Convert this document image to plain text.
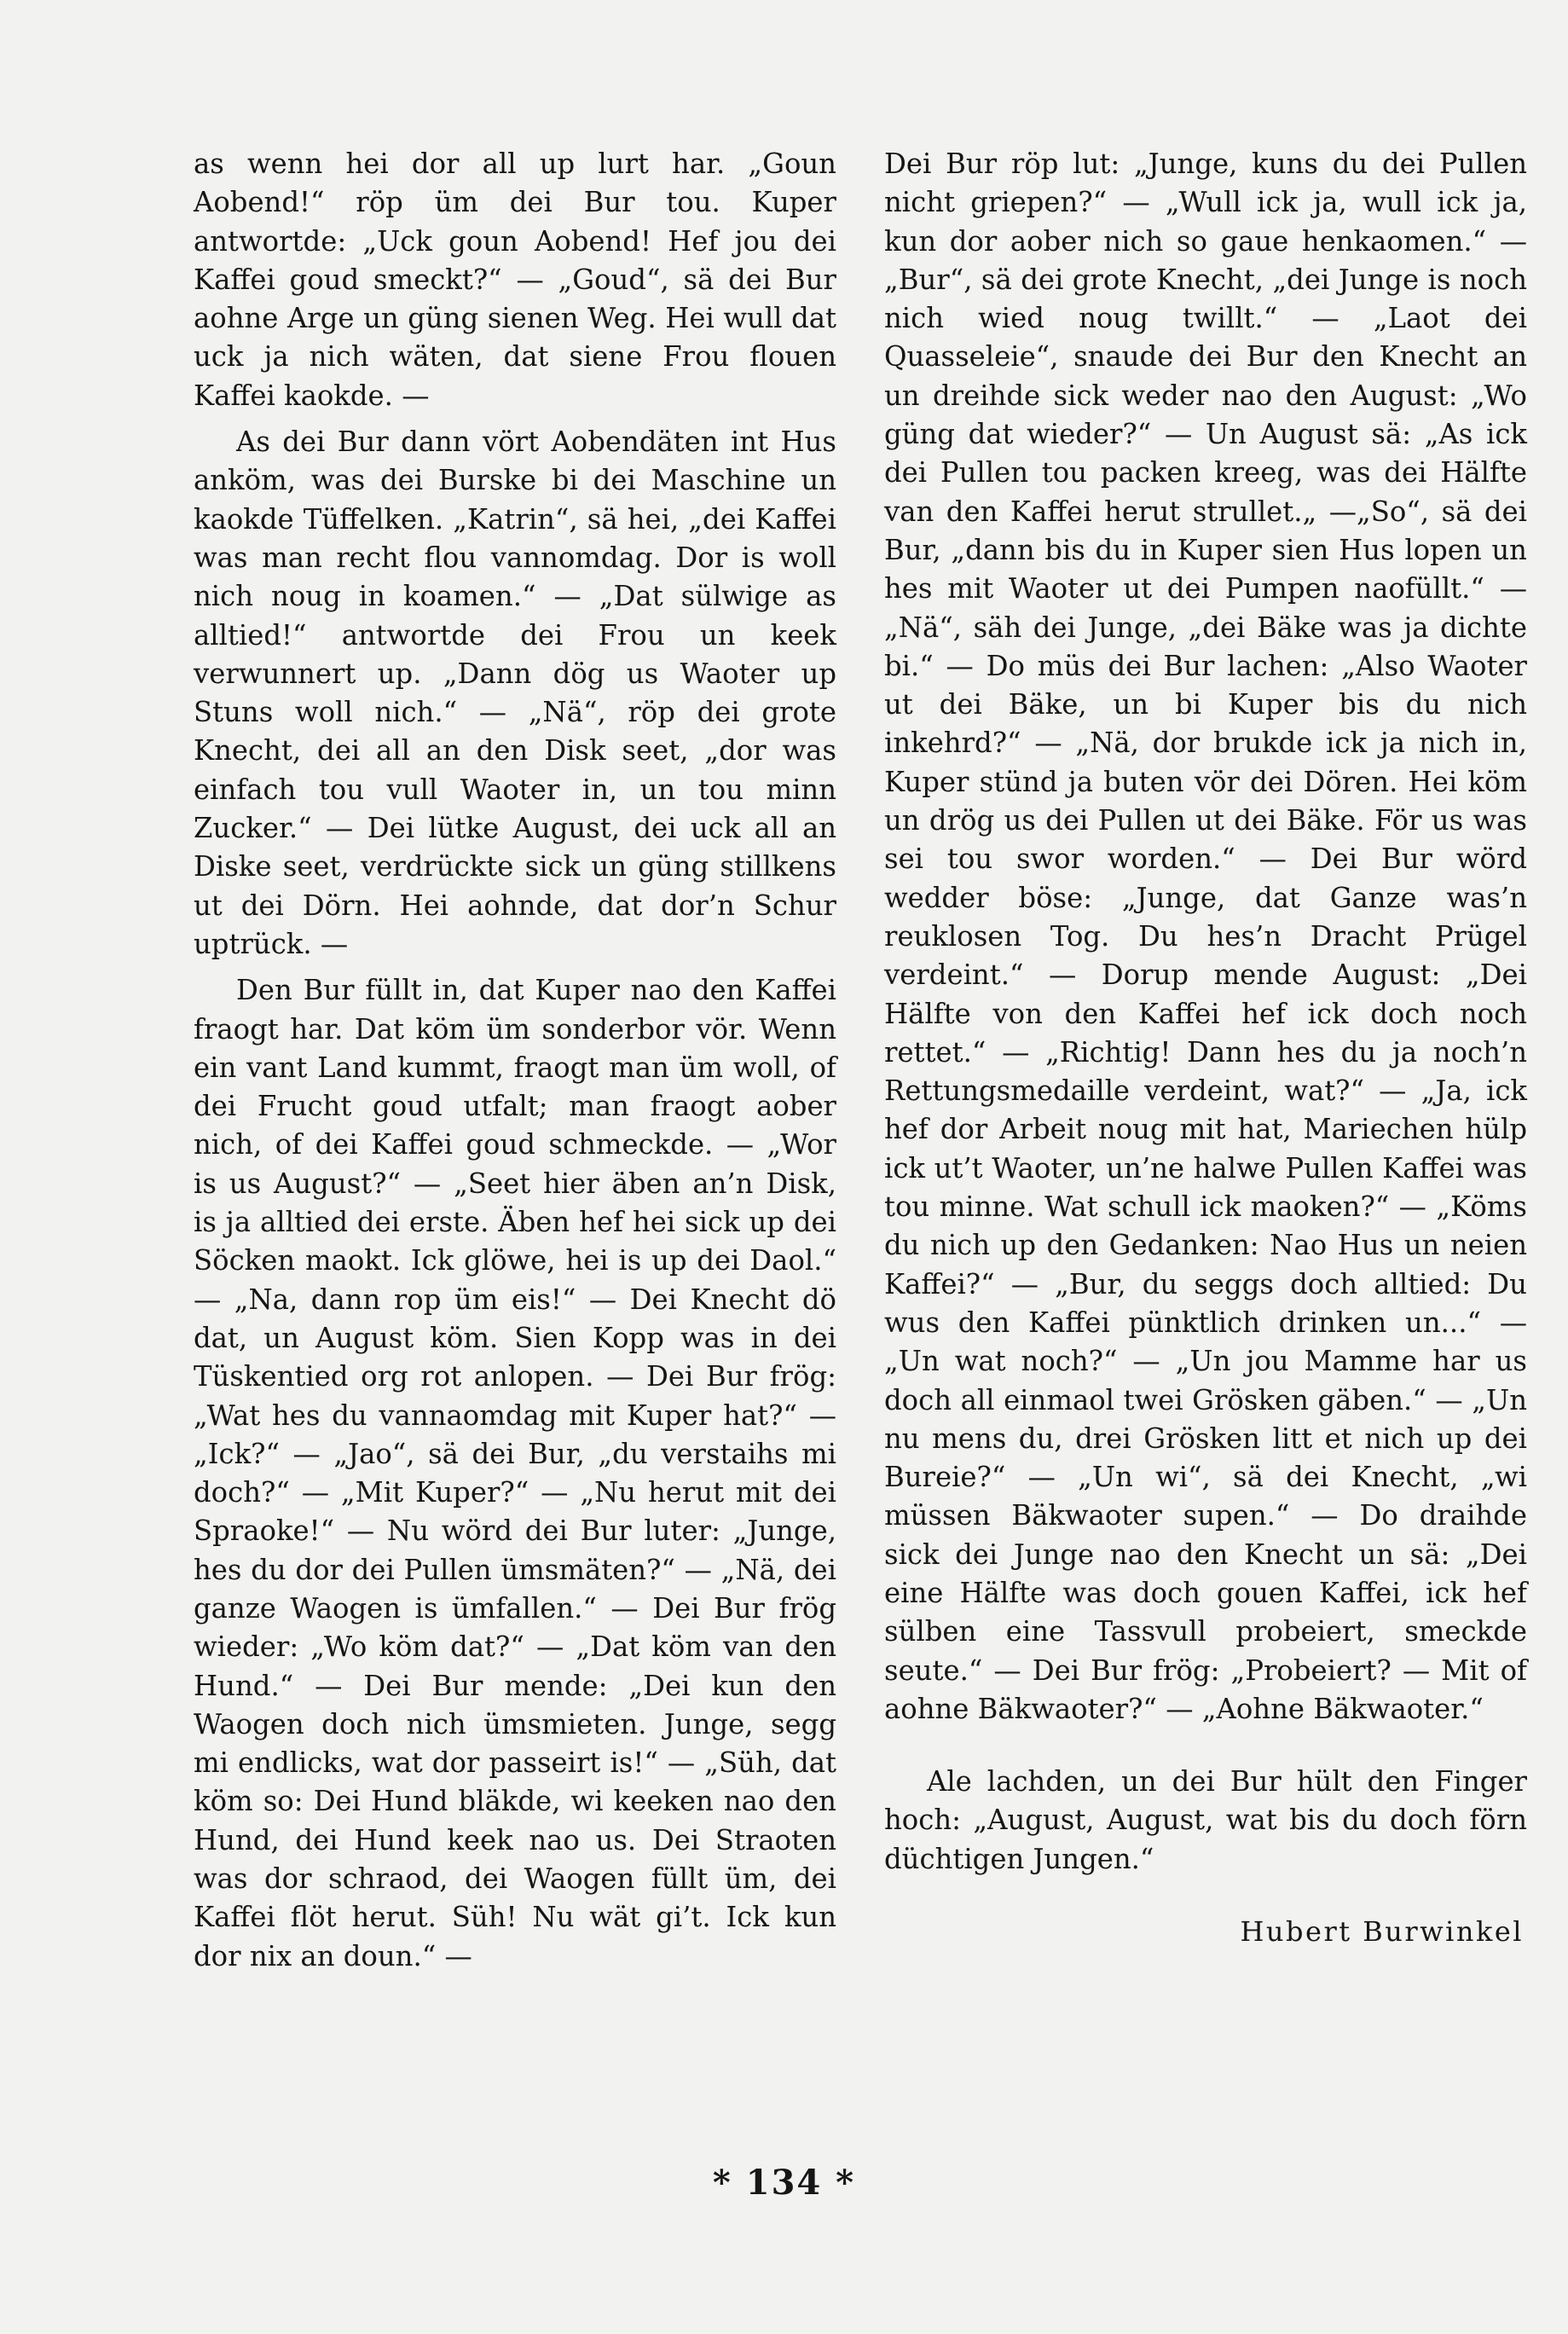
as wenn hei dor all up lurt har. „Goun Aobend!“ röp üm dei Bur tou. Kuper antwortde: „Uck goun Aobend! Hef jou dei Kaffei goud smeckt?“ — „Goud“, sä dei Bur aohne Arge un güng sienen Weg. Hei wull dat uck ja nich wäten, dat siene Frou flouen Kaffei kaokde. —

As dei Bur dann vört Aobendäten int Hus anköm, was dei Burske bi dei Maschine un kaokde Tüffelken. „Katrin“, sä hei, „dei Kaffei was man recht flou vannomdag. Dor is woll nich noug in koamen.“ — „Dat sülwige as alltied!“ antwortde dei Frou un keek verwunnert up. „Dann dög us Waoter up Stuns woll nich.“ — „Nä“, röp dei grote Knecht, dei all an den Disk seet, „dor was einfach tou vull Waoter in, un tou minn Zucker.“ — Dei lütke August, dei uck all an Diske seet, verdrückte sick un güng stillkens ut dei Dörn. Hei aohnde, dat dor’n Schur uptrück. —

Den Bur füllt in, dat Kuper nao den Kaffei fraogt har. Dat köm üm sonderbor vör. Wenn ein vant Land kummt, fraogt man üm woll, of dei Frucht goud utfalt; man fraogt aober nich, of dei Kaffei goud schmeckde. — „Wor is us August?“ — „Seet hier äben an’n Disk, is ja alltied dei erste. Äben hef hei sick up dei Söcken maokt. Ick glöwe, hei is up dei Daol.“ — „Na, dann rop üm eis!“ — Dei Knecht dö dat, un August köm. Sien Kopp was in dei Tüskentied org rot anlopen. — Dei Bur frög: „Wat hes du vannaomdag mit Kuper hat?“ — „Ick?“ — „Jao“, sä dei Bur, „du verstaihs mi doch?“ — „Mit Kuper?“ — „Nu herut mit dei Spraoke!“ — Nu wörd dei Bur luter: „Junge, hes du dor dei Pullen ümsmäten?“ — „Nä, dei ganze Waogen is ümfallen.“ — Dei Bur frög wieder: „Wo köm dat?“ — „Dat köm van den Hund.“ — Dei Bur mende: „Dei kun den Waogen doch nich ümsmieten. Junge, segg mi endlicks, wat dor passeirt is!“ — „Süh, dat köm so: Dei Hund bläkde, wi keeken nao den Hund, dei Hund keek nao us. Dei Straoten was dor schraod, dei Waogen füllt üm, dei Kaffei flöt herut. Süh! Nu wät gi’t. Ick kun dor nix an doun.“ —

Dei Bur röp lut: „Junge, kuns du dei Pullen nicht griepen?“ — „Wull ick ja, wull ick ja, kun dor aober nich so gaue henkaomen.“ — „Bur“, sä dei grote Knecht, „dei Junge is noch nich wied noug twillt.“ — „Laot dei Quasseleie“, snaude dei Bur den Knecht an un dreihde sick weder nao den August: „Wo güng dat wieder?“ — Un August sä: „As ick dei Pullen tou packen kreeg, was dei Hälfte van den Kaffei herut strullet.„ —„So“, sä dei Bur, „dann bis du in Kuper sien Hus lopen un hes mit Waoter ut dei Pumpen naofüllt.“ — „Nä“, säh dei Junge, „dei Bäke was ja dichte bi.“ — Do müs dei Bur lachen: „Also Waoter ut dei Bäke, un bi Kuper bis du nich inkehrd?“ — „Nä, dor brukde ick ja nich in, Kuper stünd ja buten vör dei Dören. Hei köm un drög us dei Pullen ut dei Bäke. För us was sei tou swor worden.“ — Dei Bur wörd wedder böse: „Junge, dat Ganze was’n reuklosen Tog. Du hes’n Dracht Prügel verdeint.“ — Dorup mende August: „Dei Hälfte von den Kaffei hef ick doch noch rettet.“ — „Richtig! Dann hes du ja noch’n Rettungsmedaille verdeint, wat?“ — „Ja, ick hef dor Arbeit noug mit hat, Mariechen hülp ick ut’t Waoter, un’ne halwe Pullen Kaffei was tou minne. Wat schull ick maoken?“ — „Köms du nich up den Gedanken: Nao Hus un neien Kaffei?“ — „Bur, du seggs doch alltied: Du wus den Kaffei pünktlich drinken un...“ — „Un wat noch?“ — „Un jou Mamme har us doch all einmaol twei Grösken gäben.“ — „Un nu mens du, drei Grösken litt et nich up dei Bureie?“ — „Un wi“, sä dei Knecht, „wi müssen Bäkwaoter supen.“ — Do draihde sick dei Junge nao den Knecht un sä: „Dei eine Hälfte was doch gouen Kaffei, ick hef sülben eine Tassvull probeiert, smeckde seute.“ — Dei Bur frög: „Probeiert? — Mit of aohne Bäkwaoter?“ — „Aohne Bäkwaoter.“

Ale lachden, un dei Bur hült den Finger hoch: „August, August, wat bis du doch förn düchtigen Jungen.“

Hubert Burwinkel
* 134 *
